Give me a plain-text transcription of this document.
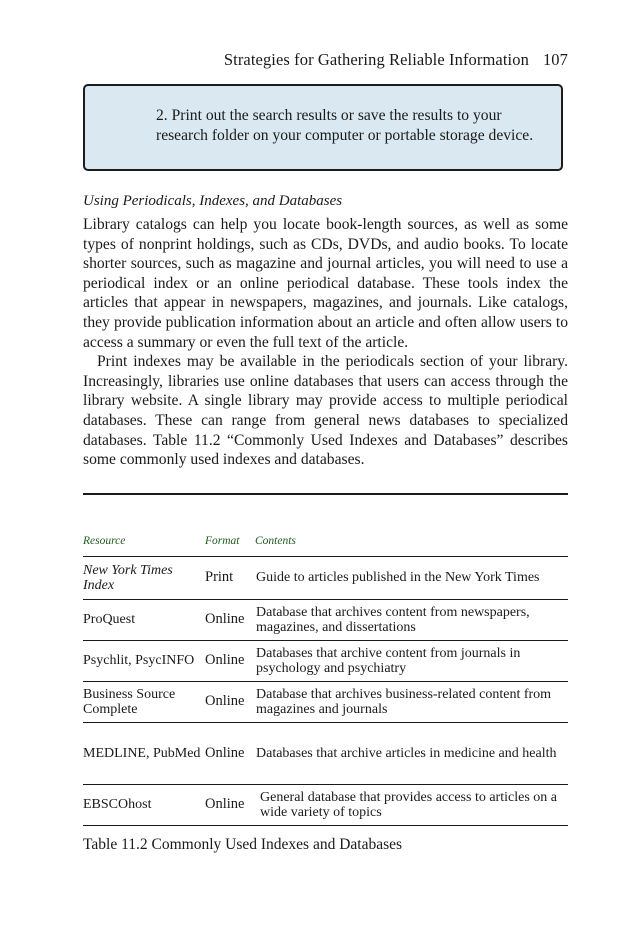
Strategies for Gathering Reliable Information 107

2. Print out the search results or save the results to your research folder on your computer or portable storage device.

Using Periodicals, Indexes, and Databases

Library catalogs can help you locate book-length sources, as well as some types of nonprint holdings, such as CDs, DVDs, and audio books. To locate shorter sources, such as magazine and journal articles, you will need to use a periodical index or an online periodical database. These tools index the articles that appear in newspapers, magazines, and journals. Like catalogs, they provide publication information about an article and often allow users to access a summary or even the full text of the article.

Print indexes may be available in the periodicals section of your library. Increasingly, libraries use online databases that users can access through the library website. A single library may provide access to multiple periodical databases. These can range from general news databases to specialized databases. Table 11.2 “Commonly Used Indexes and Databases” describes some commonly used indexes and databases.

Resource	Format	Contents
New York Times Index	Print	Guide to articles published in the New York Times
ProQuest	Online	Database that archives content from newspapers, magazines, and dissertations
Psychlit, PsycINFO	Online	Databases that archive content from journals in psychology and psychiatry
Business Source Complete	Online	Database that archives business-related content from magazines and journals
MEDLINE, PubMed	Online	Databases that archive articles in medicine and health
EBSCOhost	Online	General database that provides access to articles on a wide variety of topics

Table 11.2 Commonly Used Indexes and Databases
